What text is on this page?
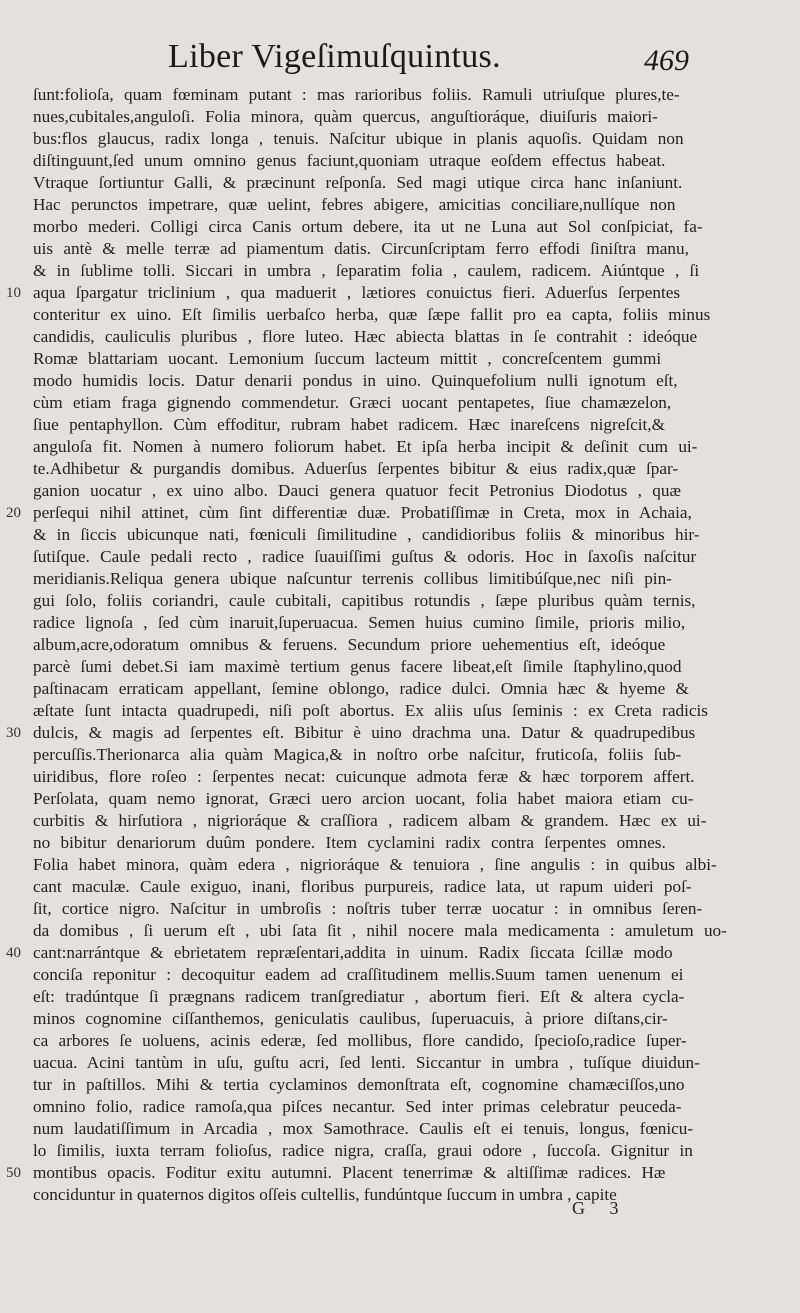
Liber Vigeſimuſquintus.	469
ſunt:folioſa, quam fœminam putant : mas rarioribus foliis. Ramuli utriuſque plures,te-
nues,cubitales,anguloſi. Folia minora, quàm quercus, anguſtioráque, diuiſuris maiori-
bus:flos glaucus, radix longa , tenuis. Naſcitur ubique in planis aquoſis. Quidam non
diſtinguunt,ſed unum omnino genus faciunt,quoniam utraque eoſdem effectus habeat.
Vtraque ſortiuntur Galli, & prӕcinunt reſponſa. Sed magi utique circa hanc inſaniunt.
Hac perunctos impetrare, quӕ uelint, febres abigere, amicitias conciliare,nullíque non
morbo mederi. Colligi circa Canis ortum debere, ita ut ne Luna aut Sol conſpiciat, fa-
uis antè & melle terrӕ ad piamentum datis. Circunſcriptam ferro effodi ſiniſtra manu,
& in ſublime tolli. Siccari in umbra , ſeparatim folia , caulem, radicem. Aiúntque , ſi
aqua ſpargatur triclinium , qua maduerit , lӕtiores conuictus fieri. Aduerſus ſerpentes
conteritur ex uino. Eſt ſimilis uerbaſco herba, quӕ ſӕpe fallit pro ea capta, foliis minus
candidis, cauliculis pluribus , flore luteo. Hӕc abiecta blattas in ſe contrahit : ideóque
Romӕ blattariam uocant. Lemonium ſuccum lacteum mittit , concreſcentem gummi
modo humidis locis. Datur denarii pondus in uino. Quinquefolium nulli ignotum eſt,
cùm etiam fraga gignendo commendetur. Grӕci uocant pentapetes, ſiue chamӕzelon,
ſiue pentaphyllon. Cùm effoditur, rubram habet radicem. Hӕc inareſcens nigreſcit,&
anguloſa fit. Nomen à numero foliorum habet. Et ipſa herba incipit & deſinit cum ui-
te.Adhibetur & purgandis domibus. Aduerſus ſerpentes bibitur & eius radix,quӕ ſpar-
ganion uocatur , ex uino albo. Dauci genera quatuor fecit Petronius Diodotus , quӕ
perſequi nihil attinet, cùm ſint differentiӕ duӕ. Probatiſſimӕ in Creta, mox in Achaia,
& in ſiccis ubicunque nati, fœniculi ſimilitudine , candidioribus foliis & minoribus hir-
ſutiſque. Caule pedali recto , radice ſuauiſſimi guſtus & odoris. Hoc in ſaxoſis naſcitur
meridianis.Reliqua genera ubique naſcuntur terrenis collibus limitibúſque,nec niſi pin-
gui ſolo, foliis coriandri, caule cubitali, capitibus rotundis , ſӕpe pluribus quàm ternis,
radice lignoſa , ſed cùm inaruit,ſuperuacua. Semen huius cumino ſimile, prioris milio,
album,acre,odoratum omnibus & feruens. Secundum priore uehementius eſt, ideóque
parcè ſumi debet.Si iam maximè tertium genus facere libeat,eſt ſimile ſtaphylino,quod
paſtinacam erraticam appellant, ſemine oblongo, radice dulci. Omnia hӕc & hyeme &
ӕſtate ſunt intacta quadrupedi, niſi poſt abortus. Ex aliis uſus ſeminis : ex Creta radicis
dulcis, & magis ad ſerpentes eſt. Bibitur è uino drachma una. Datur & quadrupedibus
percuſſis.Therionarca alia quàm Magica,& in noſtro orbe naſcitur, fruticoſa, foliis ſub-
uiridibus, flore roſeo : ſerpentes necat: cuicunque admota ferӕ & hӕc torporem affert.
Perſolata, quam nemo ignorat, Grӕci uero arcion uocant, folia habet maiora etiam cu-
curbitis & hirſutiora , nigrioráque & craſſiora , radicem albam & grandem. Hӕc ex ui-
no bibitur denariorum duûm pondere. Item cyclamini radix contra ſerpentes omnes.
Folia habet minora, quàm edera , nigrioráque & tenuiora , ſine angulis : in quibus albi-
cant maculӕ. Caule exiguo, inani, floribus purpureis, radice lata, ut rapum uideri poſ-
ſit, cortice nigro. Naſcitur in umbroſis : noſtris tuber terrӕ uocatur : in omnibus ſeren-
da domibus , ſi uerum eſt , ubi ſata ſit , nihil nocere mala medicamenta : amuletum uo-
cant:narrántque & ebrietatem repræſentari,addita in uinum. Radix ſiccata ſcillӕ modo
conciſa reponitur : decoquitur eadem ad craſſitudinem mellis.Suum tamen uenenum ei
eſt: tradúntque ſi prӕgnans radicem tranſgrediatur , abortum fieri. Eſt & altera cycla-
minos cognomine ciſſanthemos, geniculatis caulibus, ſuperuacuis, à priore diſtans,cir-
ca arbores ſe uoluens, acinis ederӕ, ſed mollibus, flore candido, ſpecioſo,radice ſuper-
uacua. Acini tantùm in uſu, guſtu acri, ſed lenti. Siccantur in umbra , tuſíque diuidun-
tur in paſtillos. Mihi & tertia cyclaminos demonſtrata eſt, cognomine chamӕciſſos,uno
omnino folio, radice ramoſa,qua piſces necantur. Sed inter primas celebratur peuceda-
num laudatiſſimum in Arcadia , mox Samothrace. Caulis eſt ei tenuis, longus, fœnicu-
lo ſimilis, iuxta terram folioſus, radice nigra, craſſa, graui odore , ſuccoſa. Gignitur in
montibus opacis. Foditur exitu autumni. Placent tenerrimӕ & altiſſimӕ radices. Hӕ
conciduntur in quaternos digitos oſſeis cultellis, fundúntque ſuccum in umbra , capite
10
20
30
40
50
G 3
